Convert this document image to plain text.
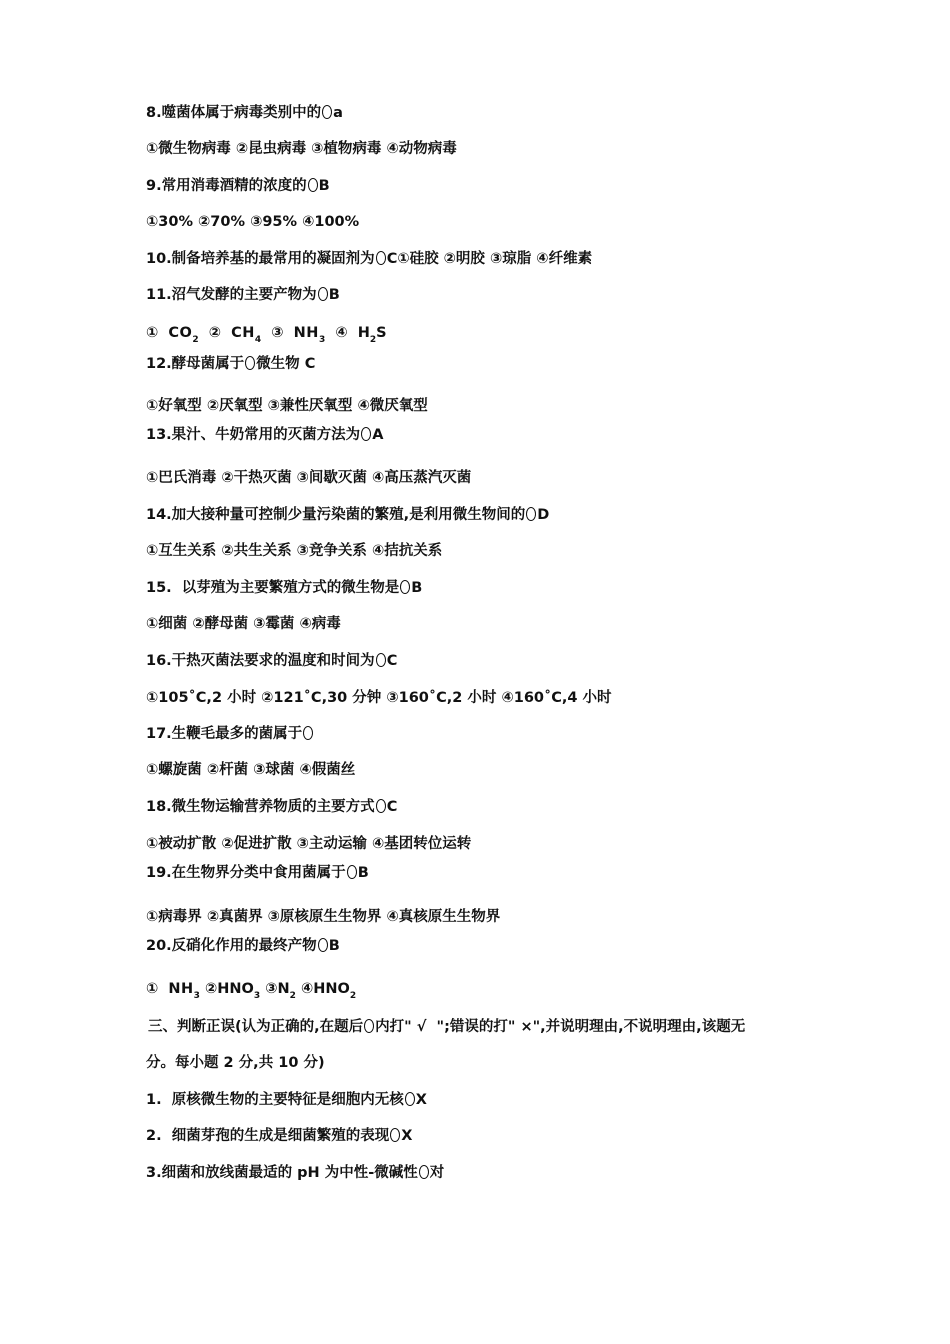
8.噬菌体属于病毒类别中的 a
①微生物病毒 ②昆虫病毒 ③植物病毒 ④动物病毒
9.常用消毒酒精的浓度的 B
①30% ②70% ③95% ④100%
10.制备培养基的最常用的凝固剂为 C①硅胶 ②明胶 ③琼脂 ④纤维素
11.沼气发酵的主要产物为 B
① $CO_2$ ② $CH_4$ ③ $NH_3$ ④ $H_2S$
12.酵母菌属于 微生物 C
①好氧型 ②厌氧型 ③兼性厌氧型 ④微厌氧型
13.果汁、牛奶常用的灭菌方法为 A
①巴氏消毒 ②干热灭菌 ③间歇灭菌 ④高压蒸汽灭菌
14.加大接种量可控制少量污染菌的繁殖,是利用微生物间的 D
①互生关系 ②共生关系 ③竞争关系 ④拮抗关系
15.  以芽殖为主要繁殖方式的微生物是 B
①细菌 ②酵母菌 ③霉菌 ④病毒
16.干热灭菌法要求的温度和时间为 C
①105˚C,2 小时 ②121˚C,30 分钟 ③160˚C,2 小时 ④160˚C,4 小时
17.生鞭毛最多的菌属于
①螺旋菌 ②杆菌 ③球菌 ④假菌丝
18.微生物运输营养物质的主要方式 C
①被动扩散 ②促进扩散 ③主动运输 ④基团转位运转
19.在生物界分类中食用菌属于 B
①病毒界 ②真菌界 ③原核原生生物界 ④真核原生生物界
20.反硝化作用的最终产物 B
① $NH_3$ $②HNO_3$ $③N_2$ $④HNO_2$
三、判断正误(认为正确的,在题后 内打" √  ";错误的打" ×",并说明理由,不说明理由,该题无
分。每小题 2 分,共 10 分)
1.  原核微生物的主要特征是细胞内无核 X
2.  细菌芽孢的生成是细菌繁殖的表现 X
3.细菌和放线菌最适的 pH 为中性-微碱性 对
